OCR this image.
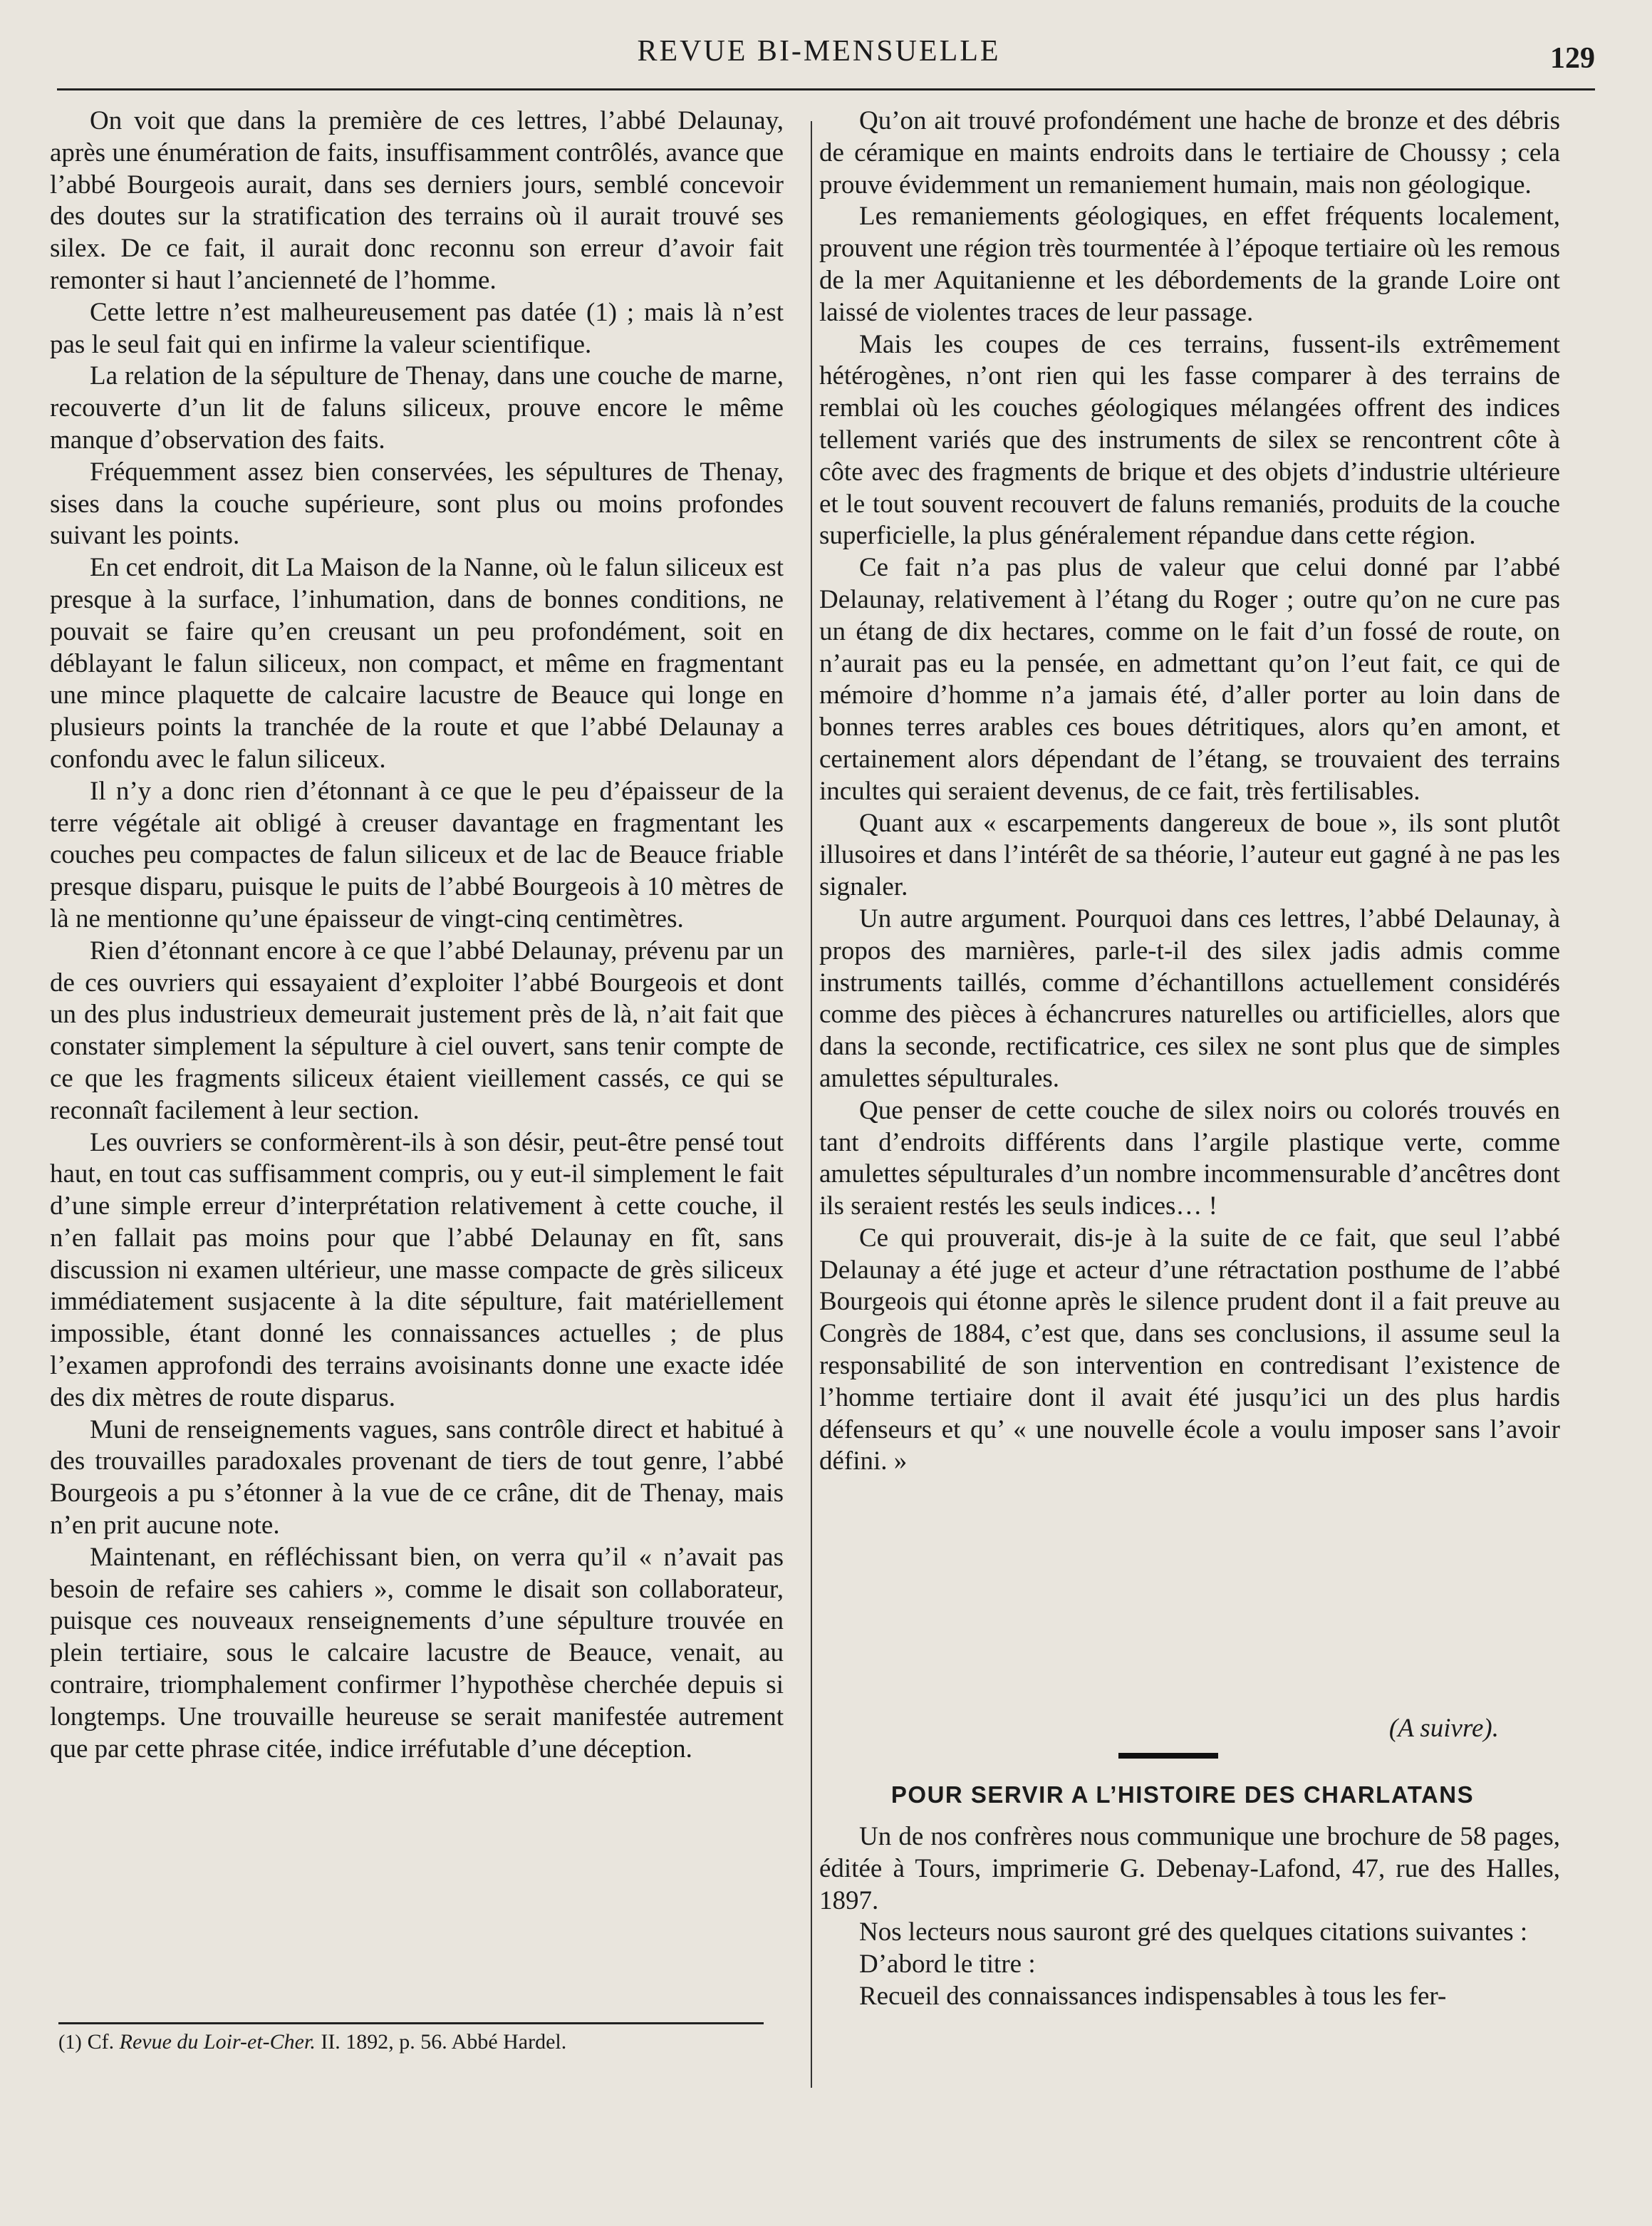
REVUE BI-MENSUELLE	129

On voit que dans la première de ces lettres, l’abbé Delaunay, après une énumération de faits, insuffisamment contrôlés, avance que l’abbé Bourgeois aurait, dans ses derniers jours, semblé concevoir des doutes sur la stratification des terrains où il aurait trouvé ses silex. De ce fait, il aurait donc reconnu son erreur d’avoir fait remonter si haut l’ancienneté de l’homme.

Cette lettre n’est malheureusement pas datée (1) ; mais là n’est pas le seul fait qui en infirme la valeur scientifique.

La relation de la sépulture de Thenay, dans une couche de marne, recouverte d’un lit de faluns siliceux, prouve encore le même manque d’observation des faits.

Fréquemment assez bien conservées, les sépultures de Thenay, sises dans la couche supérieure, sont plus ou moins profondes suivant les points.

En cet endroit, dit La Maison de la Nanne, où le falun siliceux est presque à la surface, l’inhumation, dans de bonnes conditions, ne pouvait se faire qu’en creusant un peu profondément, soit en déblayant le falun siliceux, non compact, et même en fragmentant une mince plaquette de calcaire lacustre de Beauce qui longe en plusieurs points la tranchée de la route et que l’abbé Delaunay a confondu avec le falun siliceux.

Il n’y a donc rien d’étonnant à ce que le peu d’épaisseur de la terre végétale ait obligé à creuser davantage en fragmentant les couches peu compactes de falun siliceux et de lac de Beauce friable presque disparu, puisque le puits de l’abbé Bourgeois à 10 mètres de là ne mentionne qu’une épaisseur de vingt-cinq centimètres.

Rien d’étonnant encore à ce que l’abbé Delaunay, prévenu par un de ces ouvriers qui essayaient d’exploiter l’abbé Bourgeois et dont un des plus industrieux demeurait justement près de là, n’ait fait que constater simplement la sépulture à ciel ouvert, sans tenir compte de ce que les fragments siliceux étaient vieillement cassés, ce qui se reconnaît facilement à leur section.

Les ouvriers se conformèrent-ils à son désir, peut-être pensé tout haut, en tout cas suffisamment compris, ou y eut-il simplement le fait d’une simple erreur d’interprétation relativement à cette couche, il n’en fallait pas moins pour que l’abbé Delaunay en fît, sans discussion ni examen ultérieur, une masse compacte de grès siliceux immédiatement susjacente à la dite sépulture, fait matériellement impossible, étant donné les connaissances actuelles ; de plus l’examen approfondi des terrains avoisinants donne une exacte idée des dix mètres de route disparus.

Muni de renseignements vagues, sans contrôle direct et habitué à des trouvailles paradoxales provenant de tiers de tout genre, l’abbé Bourgeois a pu s’étonner à la vue de ce crâne, dit de Thenay, mais n’en prit aucune note.

Maintenant, en réfléchissant bien, on verra qu’il « n’avait pas besoin de refaire ses cahiers », comme le disait son collaborateur, puisque ces nouveaux renseignements d’une sépulture trouvée en plein tertiaire, sous le calcaire lacustre de Beauce, venait, au contraire, triomphalement confirmer l’hypothèse cherchée depuis si longtemps. Une trouvaille heureuse se serait manifestée autrement que par cette phrase citée, indice irréfutable d’une déception.

(1) Cf. Revue du Loir-et-Cher. II. 1892, p. 56. Abbé Hardel.

Qu’on ait trouvé profondément une hache de bronze et des débris de céramique en maints endroits dans le tertiaire de Choussy ; cela prouve évidemment un remaniement humain, mais non géologique.

Les remaniements géologiques, en effet fréquents localement, prouvent une région très tourmentée à l’époque tertiaire où les remous de la mer Aquitanienne et les débordements de la grande Loire ont laissé de violentes traces de leur passage.

Mais les coupes de ces terrains, fussent-ils extrêmement hétérogènes, n’ont rien qui les fasse comparer à des terrains de remblai où les couches géologiques mélangées offrent des indices tellement variés que des instruments de silex se rencontrent côte à côte avec des fragments de brique et des objets d’industrie ultérieure et le tout souvent recouvert de faluns remaniés, produits de la couche superficielle, la plus généralement répandue dans cette région.

Ce fait n’a pas plus de valeur que celui donné par l’abbé Delaunay, relativement à l’étang du Roger ; outre qu’on ne cure pas un étang de dix hectares, comme on le fait d’un fossé de route, on n’aurait pas eu la pensée, en admettant qu’on l’eut fait, ce qui de mémoire d’homme n’a jamais été, d’aller porter au loin dans de bonnes terres arables ces boues détritiques, alors qu’en amont, et certainement alors dépendant de l’étang, se trouvaient des terrains incultes qui seraient devenus, de ce fait, très fertilisables.

Quant aux « escarpements dangereux de boue », ils sont plutôt illusoires et dans l’intérêt de sa théorie, l’auteur eut gagné à ne pas les signaler.

Un autre argument. Pourquoi dans ces lettres, l’abbé Delaunay, à propos des marnières, parle-t-il des silex jadis admis comme instruments taillés, comme d’échantillons actuellement considérés comme des pièces à échancrures naturelles ou artificielles, alors que dans la seconde, rectificatrice, ces silex ne sont plus que de simples amulettes sépulturales.

Que penser de cette couche de silex noirs ou colorés trouvés en tant d’endroits différents dans l’argile plastique verte, comme amulettes sépulturales d’un nombre incommensurable d’ancêtres dont ils seraient restés les seuls indices… !

Ce qui prouverait, dis-je à la suite de ce fait, que seul l’abbé Delaunay a été juge et acteur d’une rétractation posthume de l’abbé Bourgeois qui étonne après le silence prudent dont il a fait preuve au Congrès de 1884, c’est que, dans ses conclusions, il assume seul la responsabilité de son intervention en contredisant l’existence de l’homme tertiaire dont il avait été jusqu’ici un des plus hardis défenseurs et qu’ « une nouvelle école a voulu imposer sans l’avoir défini. »

(A suivre).
POUR SERVIR A L’HISTOIRE DES CHARLATANS

Un de nos confrères nous communique une brochure de 58 pages, éditée à Tours, imprimerie G. Debenay-Lafond, 47, rue des Halles, 1897.

Nos lecteurs nous sauront gré des quelques citations suivantes :

D’abord le titre :

Recueil des connaissances indispensables à tous les fer-
